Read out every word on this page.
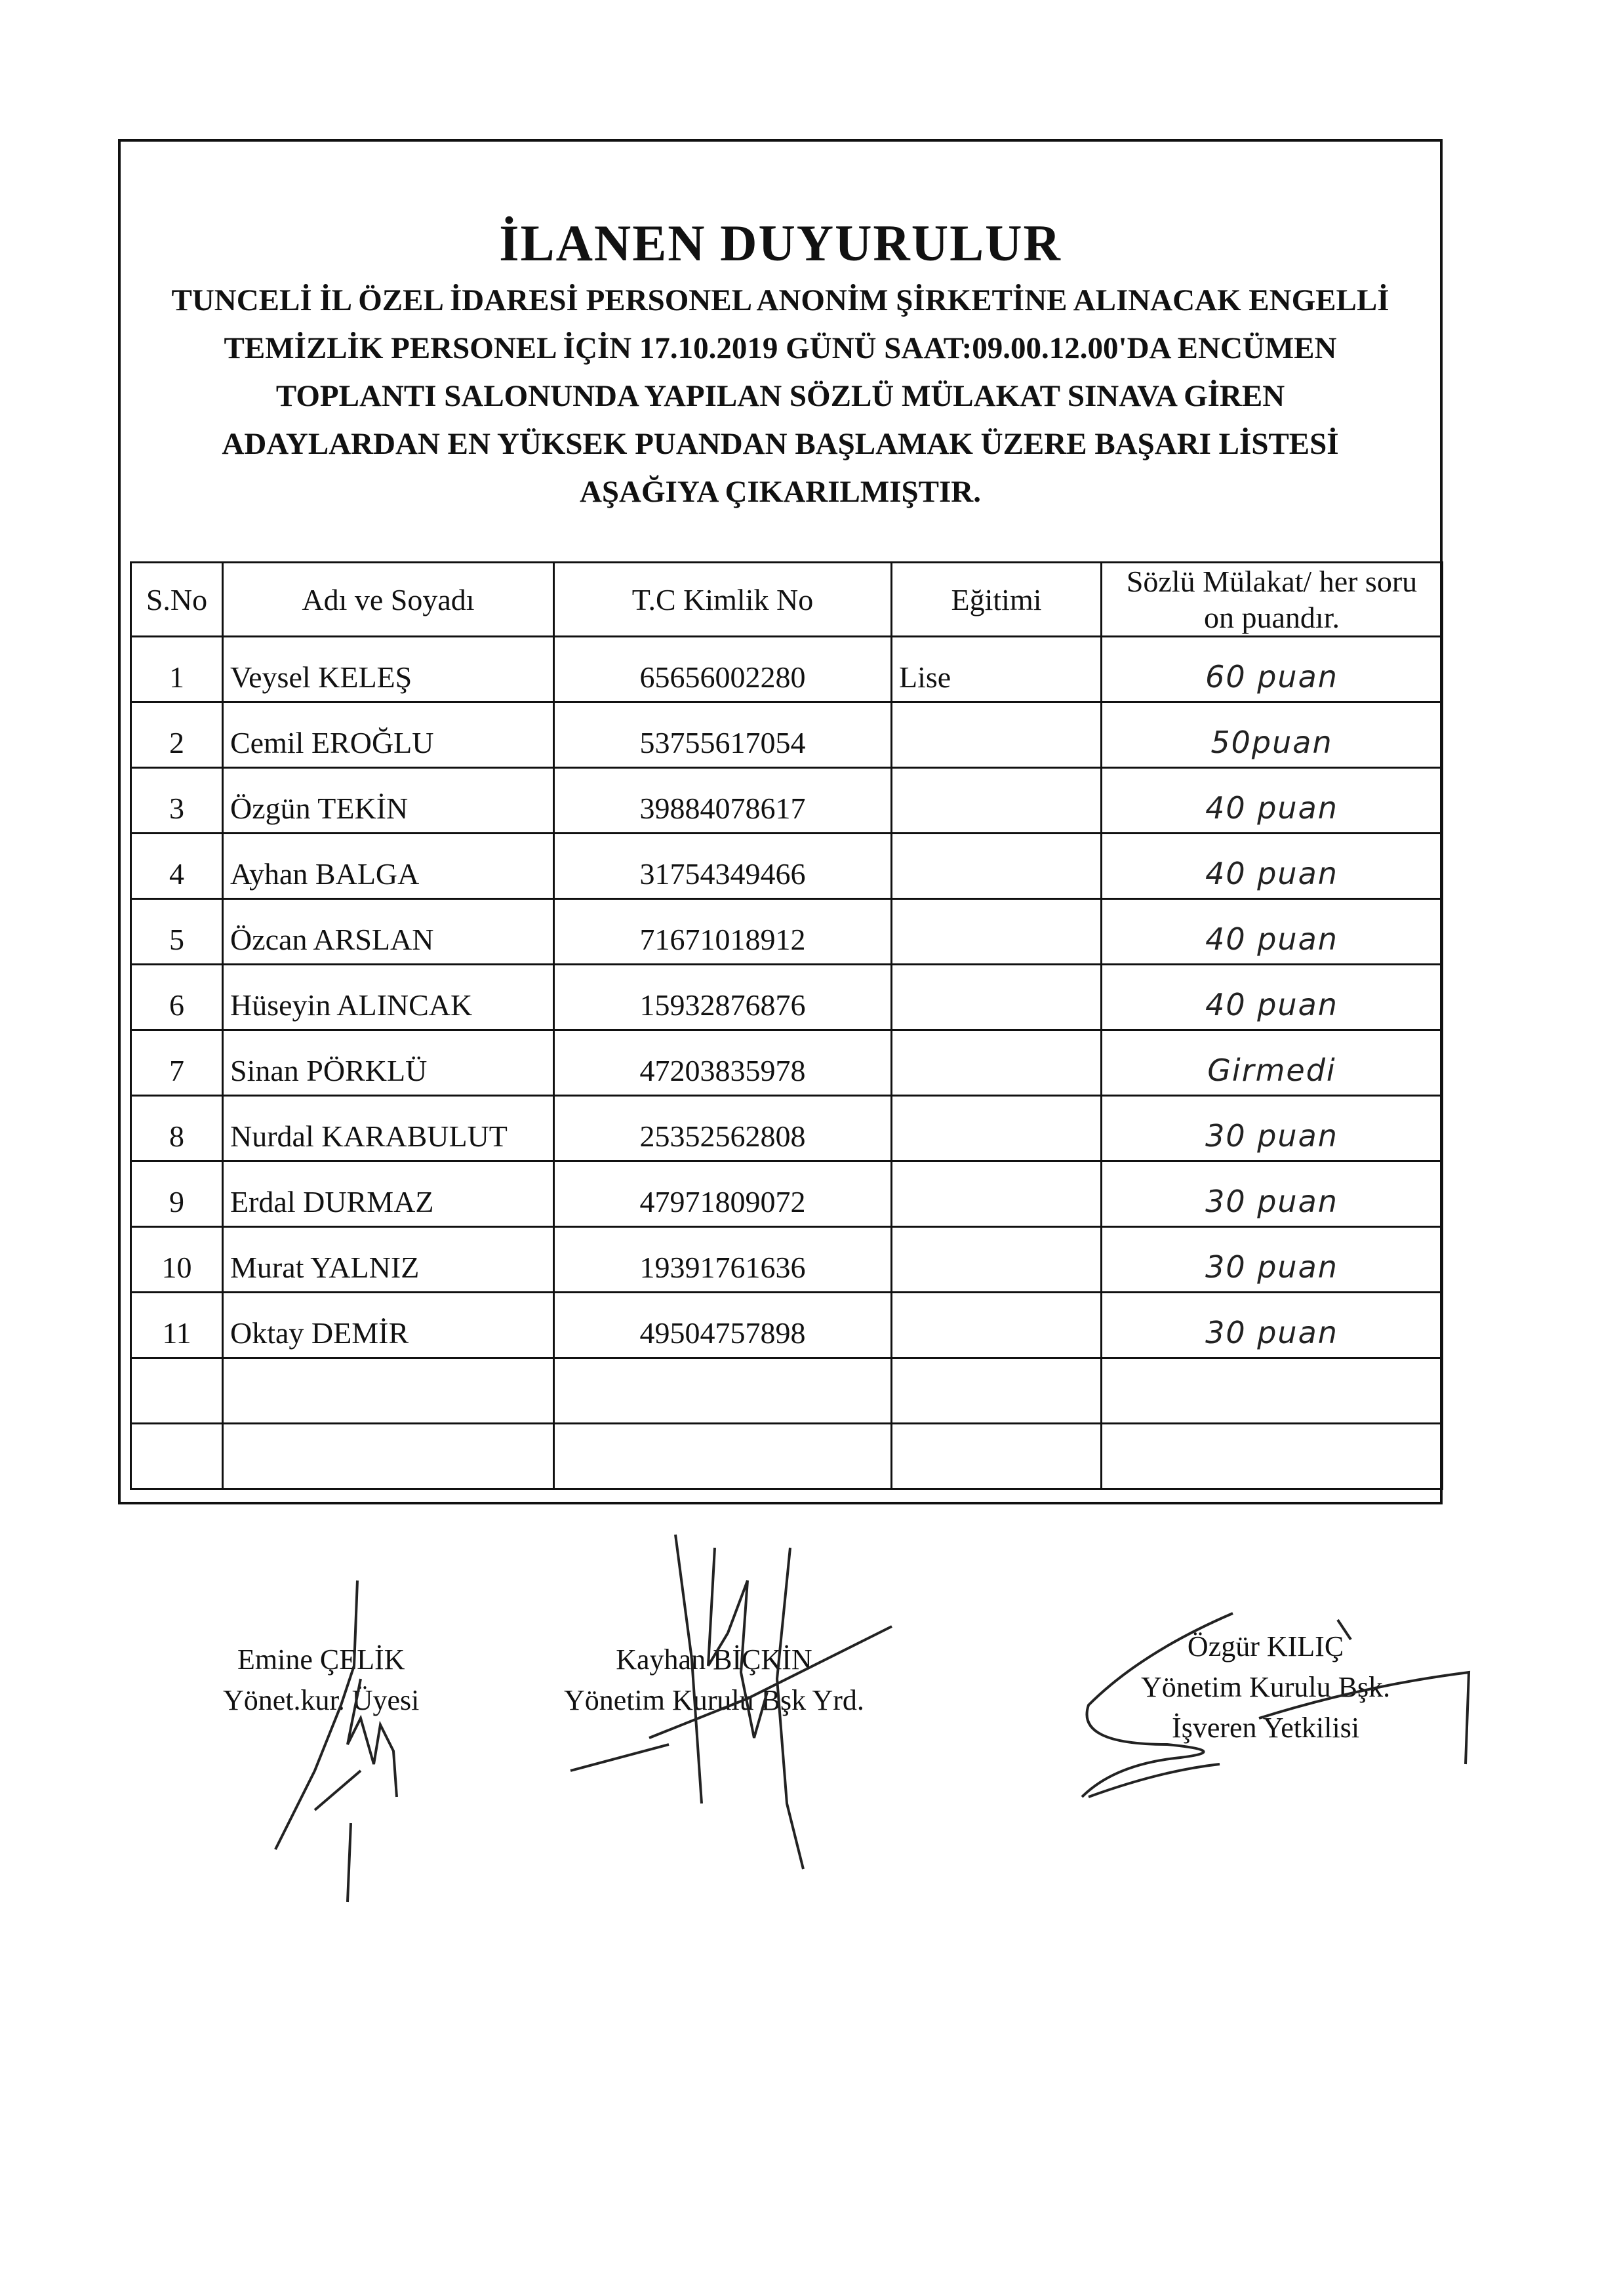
İLANEN DUYURULUR
TUNCELİ İL ÖZEL İDARESİ PERSONEL ANONİM ŞİRKETİNE ALINACAK ENGELLİ
TEMİZLİK PERSONEL İÇİN 17.10.2019 GÜNÜ SAAT:09.00.12.00'DA ENCÜMEN
TOPLANTI SALONUNDA YAPILAN SÖZLÜ MÜLAKAT SINAVA GİREN
ADAYLARDAN EN YÜKSEK PUANDAN BAŞLAMAK ÜZERE BAŞARI LİSTESİ
AŞAĞIYA ÇIKARILMIŞTIR.
S.No	Adı ve Soyadı	T.C Kimlik No	Eğitimi	Sözlü Mülakat/ her soru
on puandır.

1	Veysel KELEŞ	65656002280	Lise	60 puan
2	Cemil EROĞLU	53755617054		50puan
3	Özgün TEKİN	39884078617		40 puan
4	Ayhan BALGA	31754349466		40 puan
5	Özcan ARSLAN	71671018912		40 puan
6	Hüseyin ALINCAK	15932876876		40 puan
7	Sinan PÖRKLÜ	47203835978		Girmedi
8	Nurdal KARABULUT	25352562808		30 puan
9	Erdal DURMAZ	47971809072		30 puan
10	Murat YALNIZ	19391761636		30 puan
11	Oktay DEMİR	49504757898		30 puan

Emine ÇELİK
Yönet.kur. Üyesi
Kayhan BİÇKİN
Yönetim Kurulu Bşk Yrd.
Özgür KILIÇ
Yönetim Kurulu Bşk.
İşveren Yetkilisi
